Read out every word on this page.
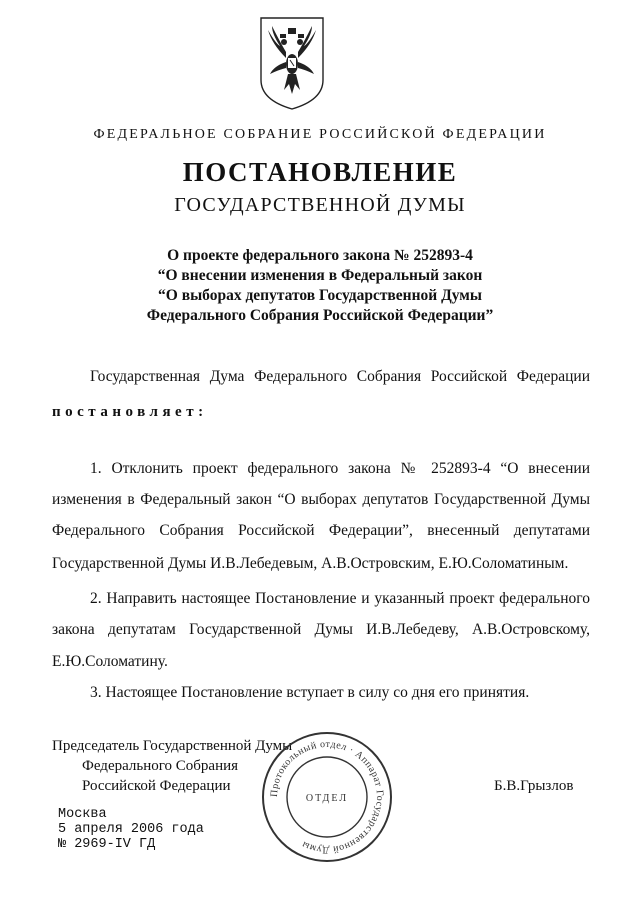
ФЕДЕРАЛЬНОЕ СОБРАНИЕ РОССИЙСКОЙ ФЕДЕРАЦИИ
ПОСТАНОВЛЕНИЕ
ГОСУДАРСТВЕННОЙ ДУМЫ
О проекте федерального закона № 252893-4
“О внесении изменения в Федеральный закон
“О выборах депутатов Государственной Думы
Федерального Собрания Российской Федерации”
Государственная Дума Федерального Собрания Российской Федерации
постановляет:
1. Отклонить проект федерального закона № 252893-4 “О внесении
изменения в Федеральный закон “О выборах депутатов Государственной Думы
Федерального Собрания Российской Федерации”, внесенный депутатами
Государственной Думы И.В.Лебедевым, А.В.Островским, Е.Ю.Соломатиным.
2. Направить настоящее Постановление и указанный проект федерального
закона депутатам Государственной Думы И.В.Лебедеву, А.В.Островскому,
Е.Ю.Соломатину.
3. Настоящее Постановление вступает в силу со дня его принятия.
Председатель Государственной Думы
Федерального Собрания
Российской Федерации	Б.В.Грызлов
Протокольный отдел · Аппарат Государственной Думы
ОТДЕЛ
Москва
5 апреля 2006 года
№ 2969-IV ГД
